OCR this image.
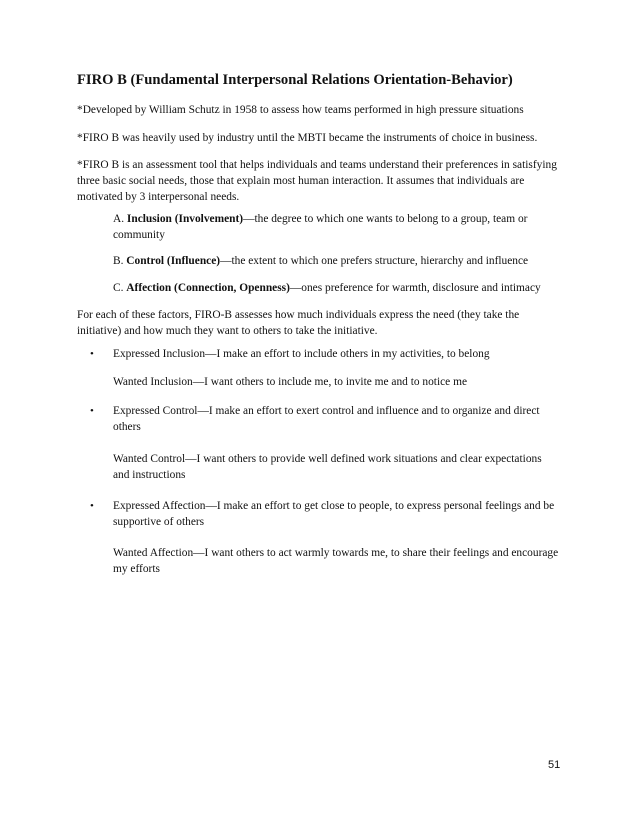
FIRO B (Fundamental Interpersonal Relations Orientation-Behavior)
*Developed by William Schutz in 1958 to assess how teams performed in high pressure situations
*FIRO B was heavily used by industry until the MBTI became the instruments of choice in business.
*FIRO B is an assessment tool that helps individuals and teams understand their preferences in satisfying three basic social needs, those that explain most human interaction. It assumes that individuals are motivated by 3 interpersonal needs.
A. Inclusion (Involvement)—the degree to which one wants to belong to a group, team or community
B. Control (Influence)—the extent to which one prefers structure, hierarchy and influence
C. Affection (Connection, Openness)—ones preference for warmth, disclosure and intimacy
For each of these factors, FIRO-B assesses how much individuals express the need (they take the initiative) and how much they want to others to take the initiative.
• Expressed Inclusion—I make an effort to include others in my activities, to belong
Wanted Inclusion—I want others to include me, to invite me and to notice me
• Expressed Control—I make an effort to exert control and influence and to organize and direct others
Wanted Control—I want others to provide well defined work situations and clear expectations and instructions
• Expressed Affection—I make an effort to get close to people, to express personal feelings and be supportive of others
Wanted Affection—I want others to act warmly towards me, to share their feelings and encourage my efforts
51
